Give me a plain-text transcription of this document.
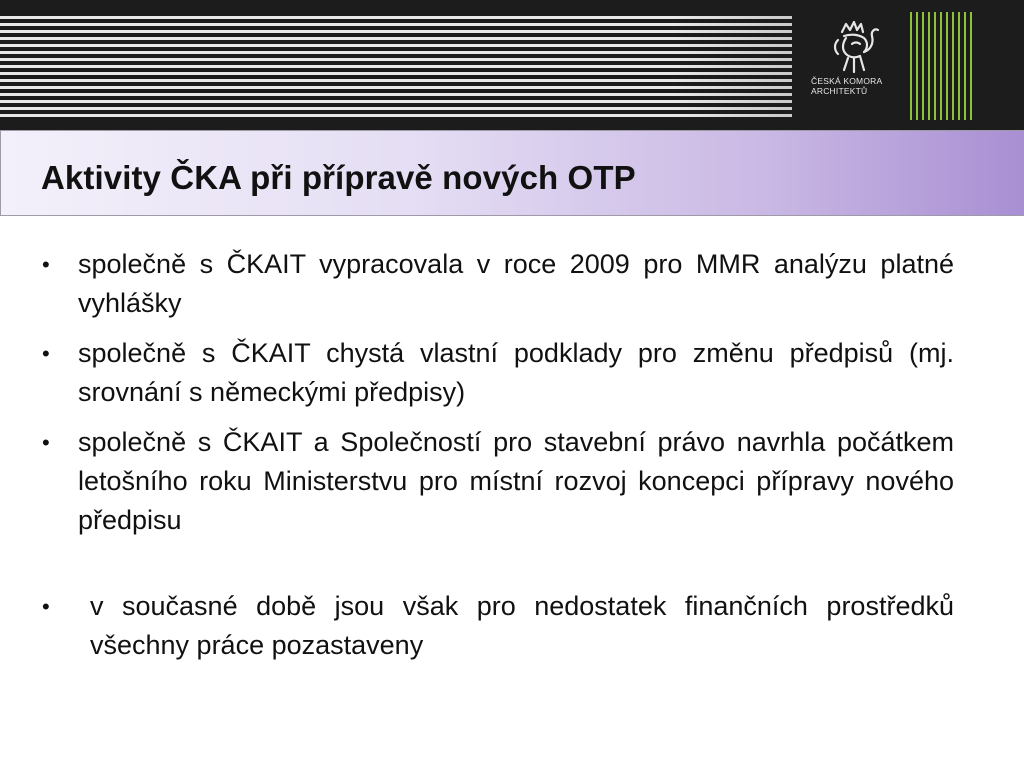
ČESKÁ KOMORA
ARCHITEKTŮ
Aktivity ČKA při přípravě nových OTP

• společně s ČKAIT vypracovala v roce 2009 pro MMR analýzu platné vyhlášky

• společně s ČKAIT chystá vlastní podklady pro změnu předpisů (mj. srovnání s německými předpisy)

• společně s ČKAIT a Společností pro stavební právo navrhla počátkem letošního roku Ministerstvu pro místní rozvoj koncepci přípravy nového předpisu

• v současné době jsou však pro nedostatek finančních prostředků všechny práce pozastaveny
